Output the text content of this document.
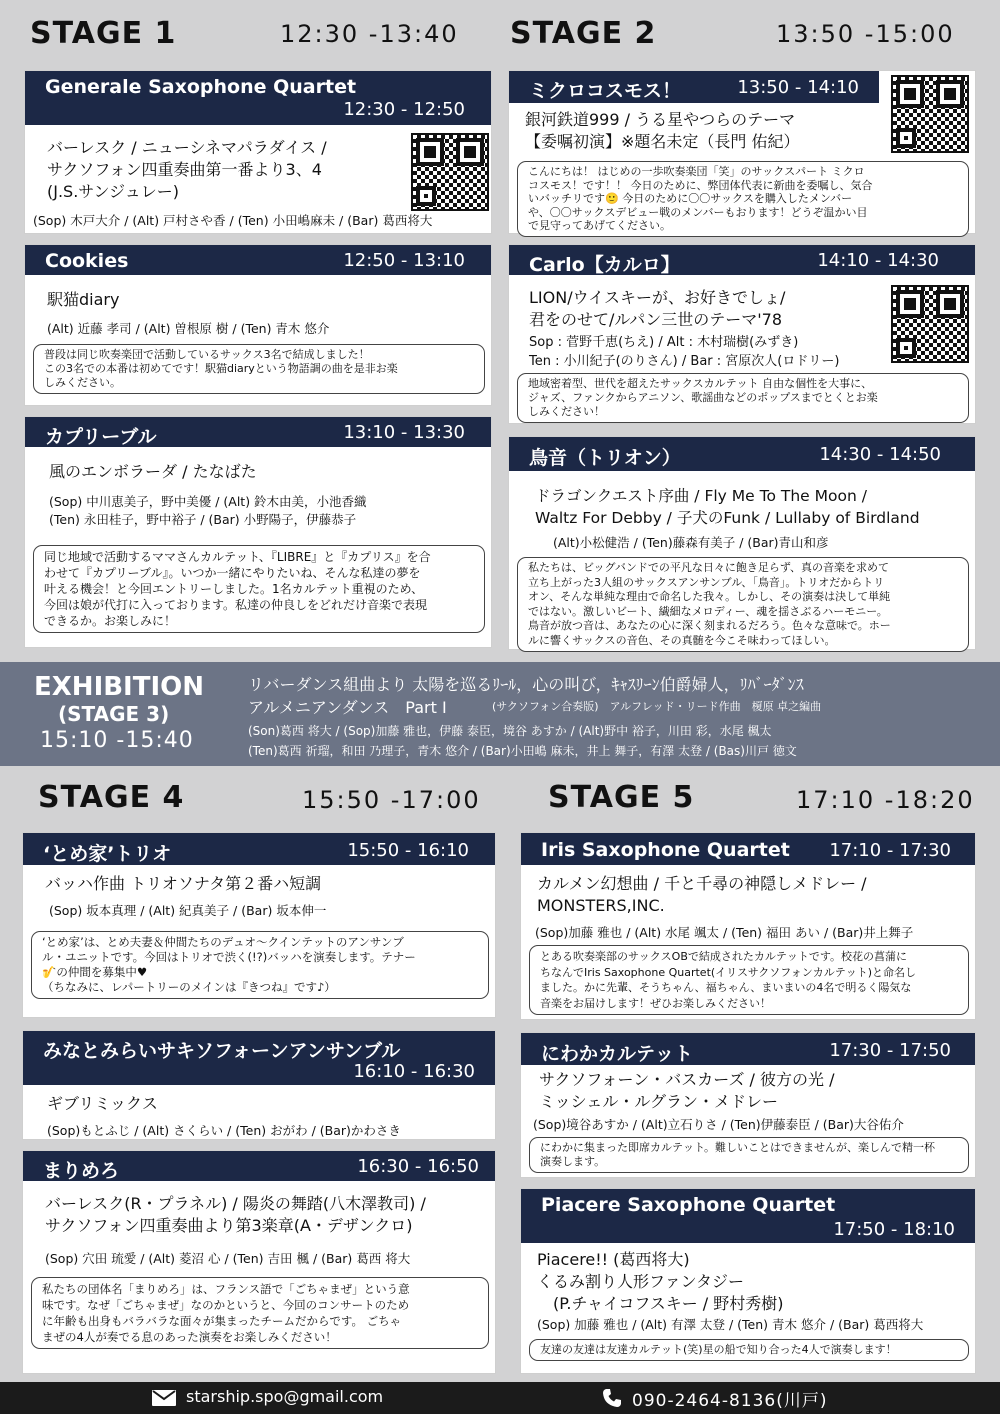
STAGE 1	12:30 -13:40 STAGE 2	13:50 -15:00
Generale Saxophone Quartet
12:30 - 12:50
バーレスク / ニューシネマパラダイス /
サクソフォン四重奏曲第一番より3、4
(J.S.サンジュレー)
(Sop) 木戸大介 / (Alt) 戸村さや香 / (Ten) 小田嶋麻未 / (Bar) 葛西将大
Cookies	12:50 - 13:10
駅猫diary
(Alt) 近藤 孝司 / (Alt) 曽根原 樹 / (Ten) 青木 悠介
普段は同じ吹奏楽団で活動しているサックス3名で結成しました！
この3名での本番は初めてです！駅猫diaryという物語調の曲を是非お楽
しみください。
カプリーブル	13:10 - 13:30
風のエンボラーダ / たなばた
(Sop) 中川恵美子，野中美優 / (Alt) 鈴木由美，小池香織
(Ten) 永田桂子，野中裕子 / (Bar) 小野陽子，伊藤恭子
同じ地域で活動するママさんカルテット、『LIBRE』と『カプリス』を合
わせて『カプリーブル』。いつか一緒にやりたいね、そんな私達の夢を
叶える機会！と今回エントリーしました。1名カルテット重視のため、
今回は娘が代打に入っております。私達の仲良しをどれだけ音楽で表現
できるか。お楽しみに！
ミクロコスモス！	13:50 - 14:10
銀河鉄道999 / うる星やつらのテーマ
【委嘱初演】※題名未定（長門 佑紀）
こんにちは！ はじめの一歩吹奏楽団「笑」のサックスパート ミクロ
コスモス！です！！ 今日のために、弊団体代表に新曲を委嘱し、気合
いバッチリです🙂 今日のために〇〇サックスを購入したメンバー
や、〇〇サックスデビュー戦のメンバーもおります！どうぞ温かい目
で見守ってあげてください。
Carlo【カルロ】	14:10 - 14:30
LION/ウイスキーが、お好きでしょ/
君をのせて/ルパン三世のテーマ'78
Sop : 菅野千恵(ちえ) / Alt : 木村瑞樹(みずき)
Ten : 小川紀子(のりさん) / Bar : 宮原次人(ロドリー)
地域密着型、世代を超えたサックスカルテット 自由な個性を大事に、
ジャズ、ファンクからアニソン、歌謡曲などのポップスまでとくとお楽
しみください！
鳥音（トリオン）	14:30 - 14:50
ドラゴンクエスト序曲 / Fly Me To The Moon /
Waltz For Debby / 子犬のFunk / Lullaby of Birdland
(Alt)小松健浩 / (Ten)藤森有美子 / (Bar)青山和彦
私たちは、ビッグバンドでの平凡な日々に飽き足らず、真の音楽を求めて
立ち上がった3人組のサックスアンサンブル、「鳥音」。トリオだからトリ
オン、そんな単純な理由で命名した我々。しかし、その演奏は決して単純
ではない。激しいビート、繊細なメロディー、魂を揺さぶるハーモニー。
鳥音が放つ音は、あなたの心に深く刻まれるだろう。色々な意味で。ホー
ルに響くサックスの音色、その真髄を今こそ味わってほしい。
EXHIBITION
(STAGE 3)
15:10 -15:40
リバーダンス組曲より 太陽を巡るﾘｰﾙ，心の叫び，ｷｬｽﾘｰﾝ伯爵婦人，ﾘﾊﾞｰﾀﾞﾝｽ
アルメニアンダンス　Part Ⅰ	(サクソフォン合奏版)　アルフレッド・リード作曲　榎原 卓之編曲
(Son)葛西 将大 / (Sop)加藤 雅也，伊藤 泰臣，境谷 あすか / (Alt)野中 裕子，川田 彩，水尾 楓太
(Ten)葛西 祈瑠，和田 乃理子，青木 悠介 / (Bar)小田嶋 麻未，井上 舞子，有澤 太登 / (Bas)川戸 徳文
STAGE 4	15:50 -17:00 STAGE 5	17:10 -18:20
‘とめ家’トリオ	15:50 - 16:10
バッハ作曲 トリオソナタ第２番ハ短調
(Sop) 坂本真理 / (Alt) 紀真美子 / (Bar) 坂本伸一
‘とめ家’は、とめ夫妻＆仲間たちのデュオ〜クインテットのアンサンブ
ル・ユニットです。今回はトリオで渋く(!?)バッハを演奏します。テナー
🎷の仲間を募集中♥
（ちなみに、レパートリーのメインは『きつね』です♪）
みなとみらいサキソフォーンアンサンブル
16:10 - 16:30
ギブリミックス
(Sop)もとふじ / (Alt) さくらい / (Ten) おがわ / (Bar)かわさき
まりめろ	16:30 - 16:50
バーレスク(R・プラネル) / 陽炎の舞踏(八木澤教司) /
サクソフォン四重奏曲より第3楽章(A・デザンクロ)
(Sop) 穴田 琉愛 / (Alt) 菱沼 心 / (Ten) 吉田 楓 / (Bar) 葛西 将大
私たちの団体名「まりめろ」は、フランス語で「ごちゃまぜ」という意
味です。なぜ「ごちゃまぜ」なのかというと、今回のコンサートのため
に年齢も出身もバラバラな面々が集まったチームだからです。 ごちゃ
まぜの4人が奏でる息のあった演奏をお楽しみください！
Iris Saxophone Quartet 17:10 - 17:30
カルメン幻想曲 / 千と千尋の神隠しメドレー /
MONSTERS,INC.
(Sop)加藤 雅也 / (Alt) 水尾 颯太 / (Ten) 福田 あい / (Bar)井上舞子
とある吹奏楽部のサックスOBで結成されたカルテットです。校花の菖蒲に
ちなんでIris Saxophone Quartet(イリスサクソフォンカルテット)と命名し
ました。かに先輩、そうちゃん、福ちゃん、まいまいの4名で明るく陽気な
音楽をお届けします！ぜひお楽しみください！
にわかカルテット	17:30 - 17:50
サクソフォーン・バスカーズ / 彼方の光 /
ミッシェル・ルグラン・メドレー
(Sop)境谷あすか / (Alt)立石りさ / (Ten)伊藤泰臣 / (Bar)大谷佑介
にわかに集まった即席カルテット。難しいことはできませんが、楽しんで精一杯
演奏します。
Piacere Saxophone Quartet
17:50 - 18:10
Piacere!! (葛西将大)
くるみ割り人形ファンタジー
　(P.チャイコフスキー / 野村秀樹)
(Sop) 加藤 雅也 / (Alt) 有澤 太登 / (Ten) 青木 悠介 / (Bar) 葛西将大
友達の友達は友達カルテット(笑)星の船で知り合った4人で演奏します！
starship.spo@gmail.com	090-2464-8136(川戸)
